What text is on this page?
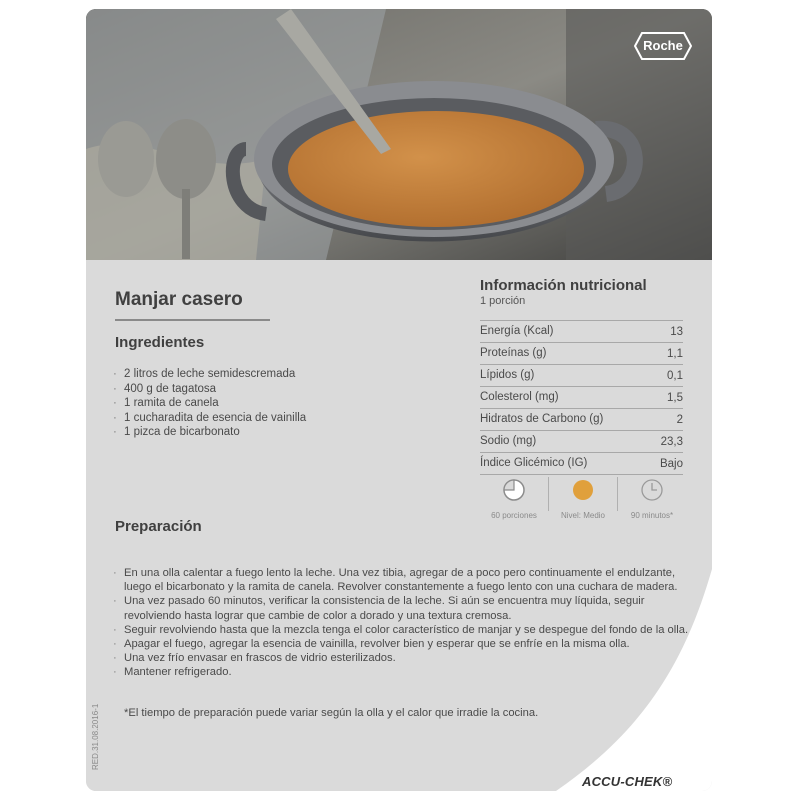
Roche
Manjar casero
Ingredientes
· 2 litros de leche semidescremada
· 400 g de tagatosa
· 1 ramita de canela
· 1 cucharadita de esencia de vainilla
· 1 pizca de bicarbonato
Información nutricional
1 porción
Energía (Kcal)	13
Proteínas (g)	1,1
Lípidos (g)	0,1
Colesterol (mg)	1,5
Hidratos de Carbono (g)	2
Sodio (mg)	23,3
Índice Glicémico (IG)	Bajo
60 porciones	Nivel: Medio	90 minutos*
Preparación
· En una olla calentar a fuego lento la leche. Una vez tibia, agregar de a poco pero continuamente el endulzante, luego el bicarbonato y la ramita de canela. Revolver constantemente a fuego lento con una cuchara de madera.
· Una vez pasado 60 minutos, verificar la consistencia de la leche. Si aún se encuentra muy líquida, seguir revolviendo hasta lograr que cambie de color a dorado y una textura cremosa.
· Seguir revolviendo hasta que la mezcla tenga el color característico de manjar y se despegue del fondo de la olla.
· Apagar el fuego, agregar la esencia de vainilla, revolver bien y esperar que se enfríe en la misma olla.
· Una vez frío envasar en frascos de vidrio esterilizados.
· Mantener refrigerado.
*El tiempo de preparación puede variar según la olla y el calor que irradie la cocina.
RED.31.08.2016-1
ACCU-CHEK®
